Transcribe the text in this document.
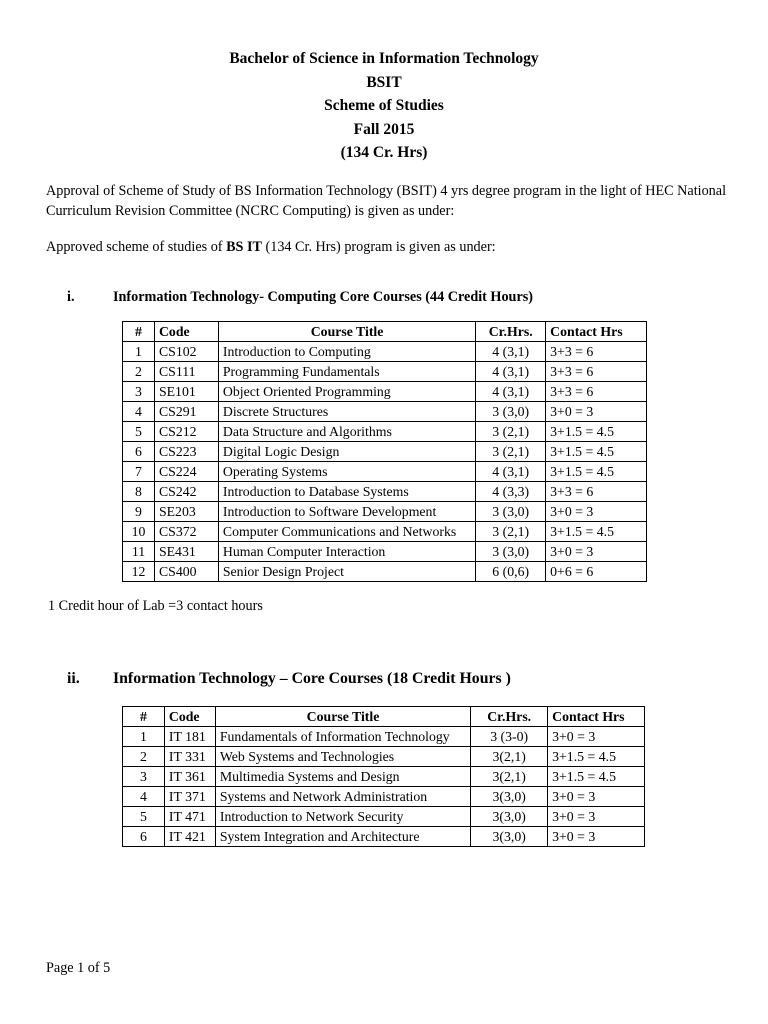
Bachelor of Science in Information Technology
BSIT
Scheme of Studies
Fall 2015
(134 Cr. Hrs)
Approval of Scheme of Study of BS Information Technology (BSIT) 4 yrs degree program in the light of HEC National Curriculum Revision Committee (NCRC Computing) is given as under:
Approved scheme of studies of BS IT (134 Cr. Hrs) program is given as under:
i.	Information Technology- Computing Core Courses (44 Credit Hours)
#	Code	Course Title	Cr.Hrs.	Contact Hrs
1	CS102	Introduction to Computing	4 (3,1)	3+3 = 6
2	CS111	Programming Fundamentals	4 (3,1)	3+3 = 6
3	SE101	Object Oriented Programming	4 (3,1)	3+3 = 6
4	CS291	Discrete Structures	3 (3,0)	3+0 = 3
5	CS212	Data Structure and Algorithms	3 (2,1)	3+1.5 = 4.5
6	CS223	Digital Logic Design	3 (2,1)	3+1.5 = 4.5
7	CS224	Operating Systems	4 (3,1)	3+1.5 = 4.5
8	CS242	Introduction to Database Systems	4 (3,3)	3+3 = 6
9	SE203	Introduction to Software Development	3 (3,0)	3+0 = 3
10	CS372	Computer Communications and Networks	3 (2,1)	3+1.5 = 4.5
11	SE431	Human Computer Interaction	3 (3,0)	3+0 = 3
12	CS400	Senior Design Project	6 (0,6)	0+6 = 6
1 Credit hour of Lab =3 contact hours
ii. Information Technology – Core Courses (18 Credit Hours )
#	Code	Course Title	Cr.Hrs.	Contact Hrs
1	IT 181	Fundamentals of Information Technology	3 (3-0)	3+0 = 3
2	IT 331	Web Systems and Technologies	3(2,1)	3+1.5 = 4.5
3	IT 361	Multimedia Systems and Design	3(2,1)	3+1.5 = 4.5
4	IT 371	Systems and Network Administration	3(3,0)	3+0 = 3
5	IT 471	Introduction to Network Security	3(3,0)	3+0 = 3
6	IT 421	System Integration and Architecture	3(3,0)	3+0 = 3
Page 1 of 5
